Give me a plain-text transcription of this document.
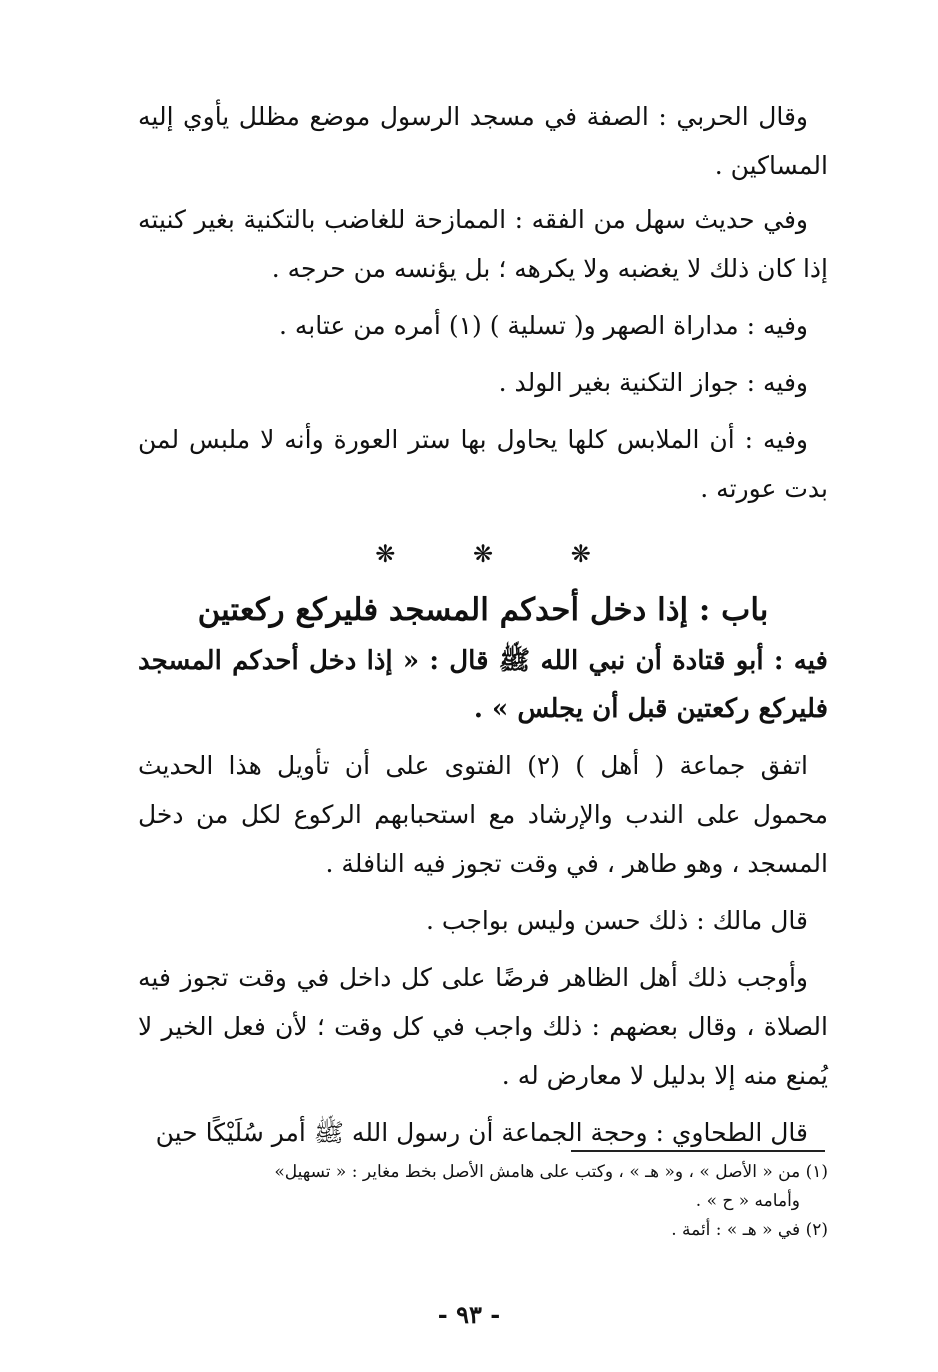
وقال الحربي : الصفة في مسجد الرسول موضع مظلل يأوي إليه المساكين .

وفي حديث سهل من الفقه : الممازحة للغاضب بالتكنية بغير كنيته إذا كان ذلك لا يغضبه ولا يكرهه ؛ بل يؤنسه من حرجه .

وفيه : مداراة الصهر و( تسلية ) (١) أمره من عتابه .

وفيه : جواز التكنية بغير الولد .

وفيه : أن الملابس كلها يحاول بها ستر العورة وأنه لا ملبس لمن بدت عورته .

❋	❋	❋

باب : إذا دخل أحدكم المسجد فليركع ركعتين

فيه : أبو قتادة أن نبي الله ﷺ قال : « إذا دخل أحدكم المسجد فليركع ركعتين قبل أن يجلس » .

اتفق جماعة ( أهل ) (٢) الفتوى على أن تأويل هذا الحديث محمول على الندب والإرشاد مع استحبابهم الركوع لكل من دخل المسجد ، وهو طاهر ، في وقت تجوز فيه النافلة .

قال مالك : ذلك حسن وليس بواجب .

وأوجب ذلك أهل الظاهر فرضًا على كل داخل في وقت تجوز فيه الصلاة ، وقال بعضهم : ذلك واجب في كل وقت ؛ لأن فعل الخير لا يُمنع منه إلا بدليل لا معارض له .

قال الطحاوي : وحجة الجماعة أن رسول الله ﷺ أمر سُلَيْكًا حين

(١) من « الأصل » ، و« هـ » ، وكتب على هامش الأصل بخط مغاير : « تسهيل»

وأمامه « ح » .

(٢) في « هـ » : أئمة .

- ٩٣ -
